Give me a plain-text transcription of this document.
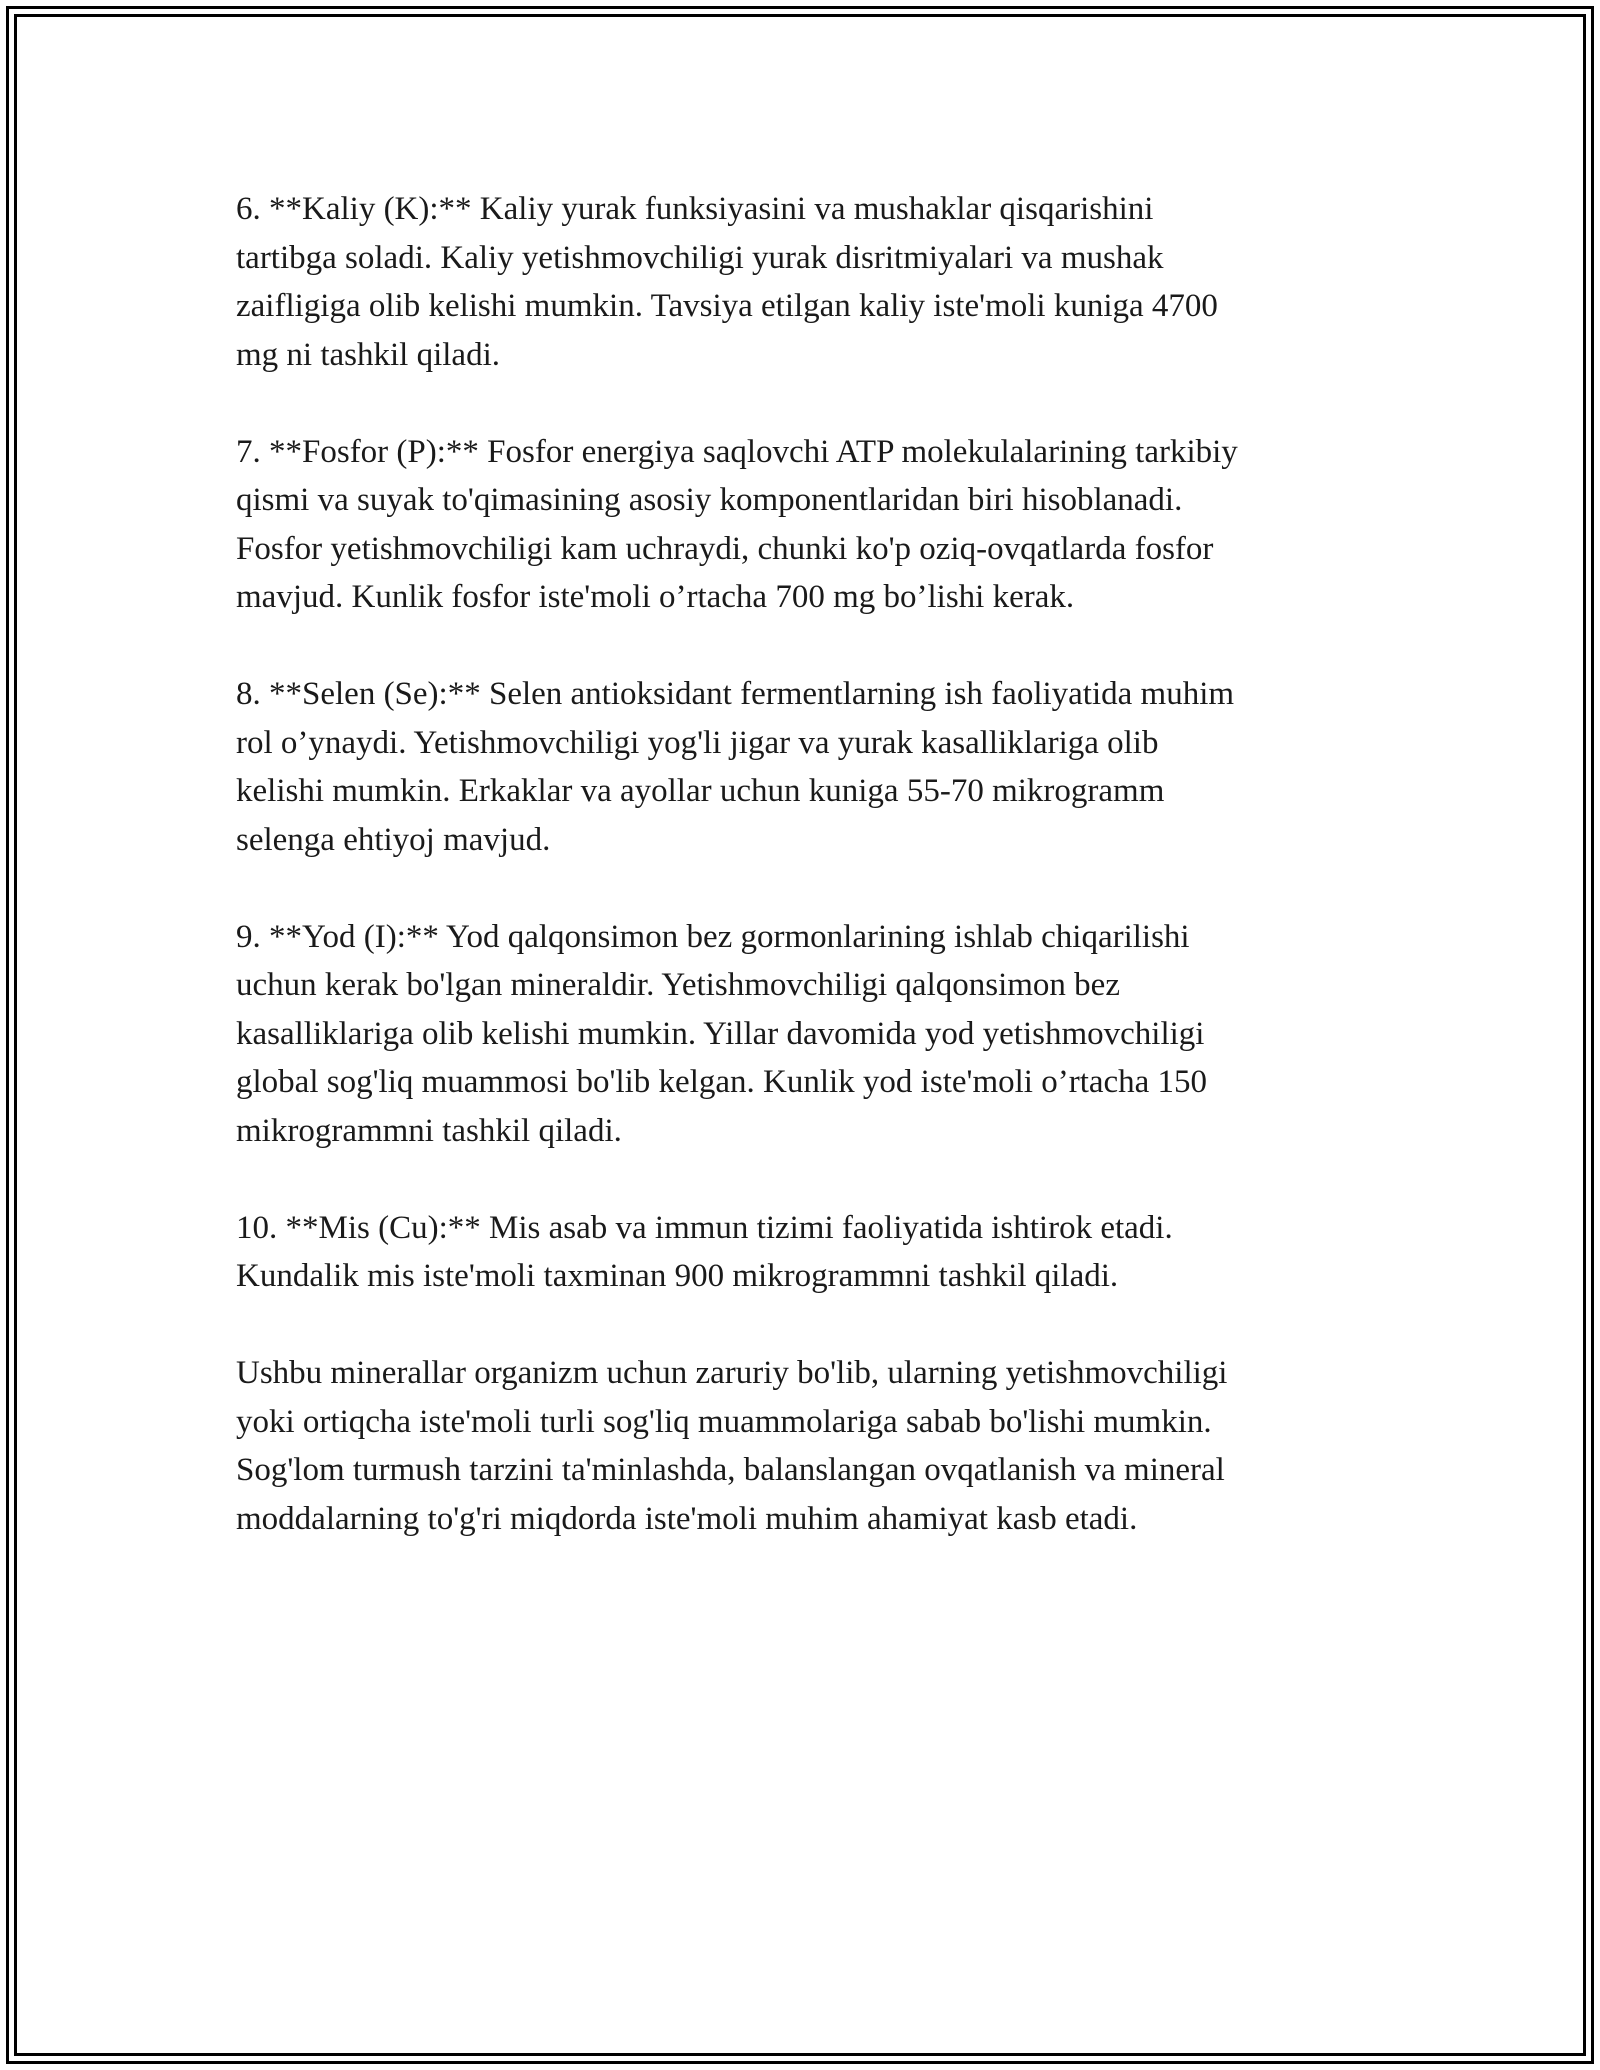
6. **Kaliy (K):** Kaliy yurak funksiyasini va mushaklar qisqarishini
tartibga soladi. Kaliy yetishmovchiligi yurak disritmiyalari va mushak
zaifligiga olib kelishi mumkin. Tavsiya etilgan kaliy iste'moli kuniga 4700
mg ni tashkil qiladi.

7. **Fosfor (P):** Fosfor energiya saqlovchi ATP molekulalarining tarkibiy
qismi va suyak to'qimasining asosiy komponentlaridan biri hisoblanadi.
Fosfor yetishmovchiligi kam uchraydi, chunki ko'p oziq-ovqatlarda fosfor
mavjud. Kunlik fosfor iste'moli o’rtacha 700 mg bo’lishi kerak.

8. **Selen (Se):** Selen antioksidant fermentlarning ish faoliyatida muhim
rol o’ynaydi. Yetishmovchiligi yog'li jigar va yurak kasalliklariga olib
kelishi mumkin. Erkaklar va ayollar uchun kuniga 55-70 mikrogramm
selenga ehtiyoj mavjud.

9. **Yod (I):** Yod qalqonsimon bez gormonlarining ishlab chiqarilishi
uchun kerak bo'lgan mineraldir. Yetishmovchiligi qalqonsimon bez
kasalliklariga olib kelishi mumkin. Yillar davomida yod yetishmovchiligi
global sog'liq muammosi bo'lib kelgan. Kunlik yod iste'moli o’rtacha 150
mikrogrammni tashkil qiladi.

10. **Mis (Cu):** Mis asab va immun tizimi faoliyatida ishtirok etadi.
Kundalik mis iste'moli taxminan 900 mikrogrammni tashkil qiladi.

Ushbu minerallar organizm uchun zaruriy bo'lib, ularning yetishmovchiligi
yoki ortiqcha iste'moli turli sog'liq muammolariga sabab bo'lishi mumkin.
Sog'lom turmush tarzini ta'minlashda, balanslangan ovqatlanish va mineral
moddalarning to'g'ri miqdorda iste'moli muhim ahamiyat kasb etadi.
